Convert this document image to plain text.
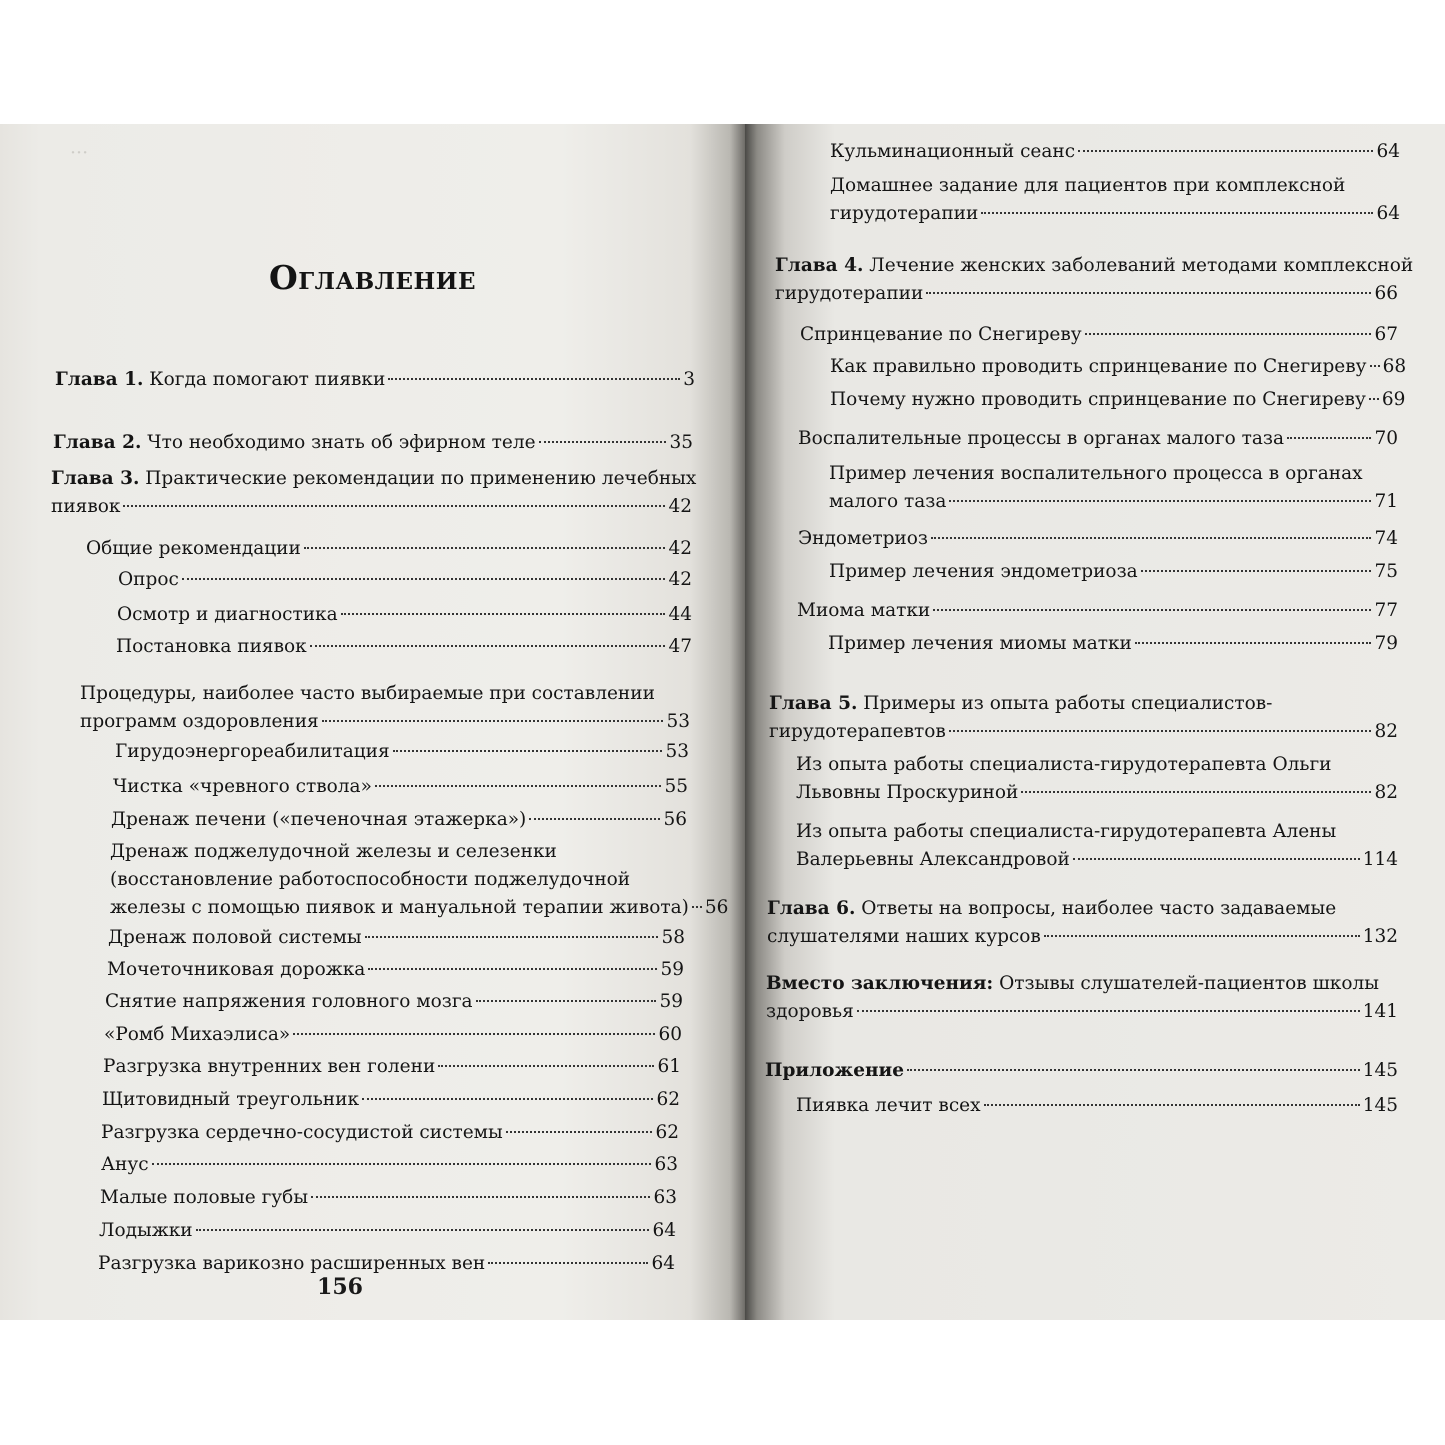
···
Оглавление
Глава 1. Когда помогают пиявки	3
Глава 2. Что необходимо знать об эфирном теле	35
Глава 3. Практические рекомендации по применению лечебных
пиявок	42
Общие рекомендации	42
Опрос	42
Осмотр и диагностика	44
Постановка пиявок	47
Процедуры, наиболее часто выбираемые при составлении
программ оздоровления	53
Гирудоэнергореабилитация	53
Чистка «чревного ствола»	55
Дренаж печени («печеночная этажерка»)	56
Дренаж поджелудочной железы и селезенки
(восстановление работоспособности поджелудочной
железы с помощью пиявок и мануальной терапии живота) 56
Дренаж половой системы	58
Мочеточниковая дорожка	59
Снятие напряжения головного мозга	59
«Ромб Михаэлиса»	60
Разгрузка внутренних вен голени	61
Щитовидный треугольник	62
Разгрузка сердечно-сосудистой системы	62
Анус	63
Малые половые губы	63
Лодыжки	64
Разгрузка варикозно расширенных вен	64
156
Кульминационный сеанс	64
Домашнее задание для пациентов при комплексной
гирудотерапии	64
Глава 4. Лечение женских заболеваний методами комплексной
гирудотерапии	66
Спринцевание по Снегиреву	67
Как правильно проводить спринцевание по Снегиреву 68
Почему нужно проводить спринцевание по Снегиреву 69
Воспалительные процессы в органах малого таза	70
Пример лечения воспалительного процесса в органах
малого таза	71
Эндометриоз	74
Пример лечения эндометриоза	75
Миома матки	77
Пример лечения миомы матки	79
Глава 5. Примеры из опыта работы специалистов-
гирудотерапевтов	82
Из опыта работы специалиста-гирудотерапевта Ольги
Львовны Проскуриной	82
Из опыта работы специалиста-гирудотерапевта Алены
Валерьевны Александровой	114
Глава 6. Ответы на вопросы, наиболее часто задаваемые
слушателями наших курсов	132
Вместо заключения: Отзывы слушателей-пациентов школы
здоровья	141
Приложение	145
Пиявка лечит всех	145
